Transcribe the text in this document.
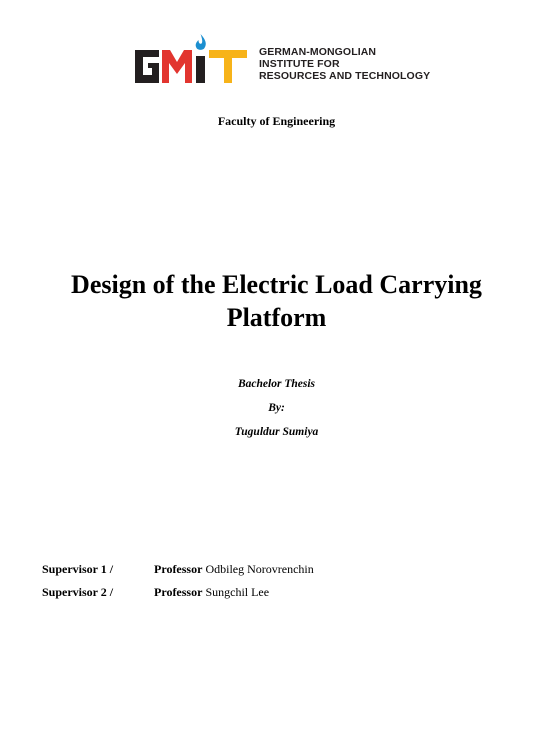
GERMAN-MONGOLIAN
INSTITUTE FOR
RESOURCES AND TECHNOLOGY
Faculty of Engineering
Design of the Electric Load Carrying Platform
Bachelor Thesis
By:
Tuguldur Sumiya
Supervisor 1 /	Professor Odbileg Norovrenchin
Supervisor 2 /	Professor Sungchil Lee
